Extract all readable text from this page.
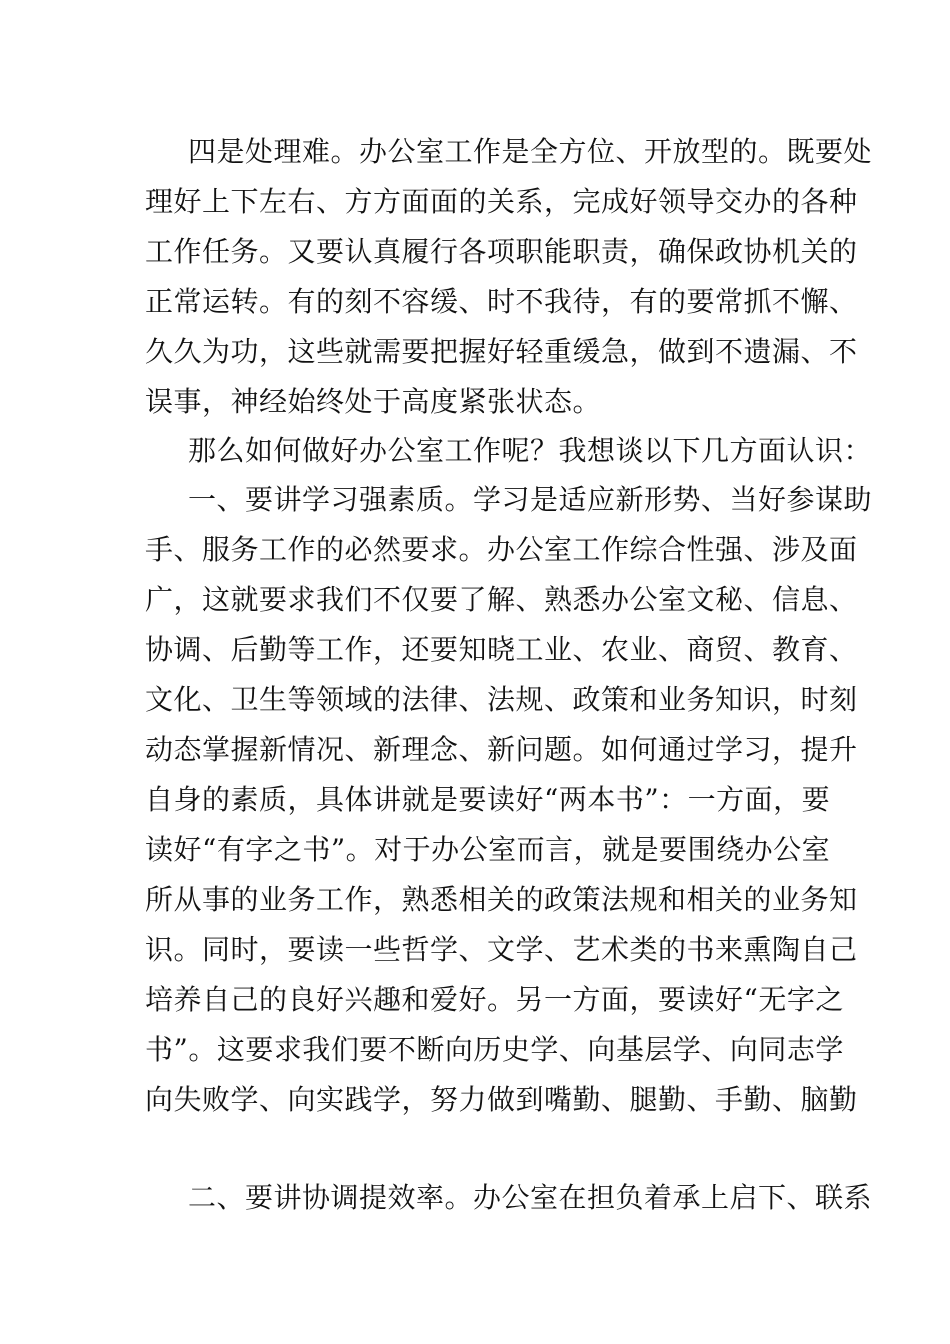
四是处理难。办公室工作是全方位、开放型的。既要处
理好上下左右、方方面面的关系，完成好领导交办的各种
工作任务。又要认真履行各项职能职责，确保政协机关的
正常运转。有的刻不容缓、时不我待，有的要常抓不懈、
久久为功，这些就需要把握好轻重缓急，做到不遗漏、不
误事，神经始终处于高度紧张状态。
那么如何做好办公室工作呢？我想谈以下几方面认识：
一、要讲学习强素质。学习是适应新形势、当好参谋助
手、服务工作的必然要求。办公室工作综合性强、涉及面
广，这就要求我们不仅要了解、熟悉办公室文秘、信息、
协调、后勤等工作，还要知晓工业、农业、商贸、教育、
文化、卫生等领域的法律、法规、政策和业务知识，时刻
动态掌握新情况、新理念、新问题。如何通过学习，提升
自身的素质，具体讲就是要读好“两本书”：一方面，要
读好“有字之书”。对于办公室而言，就是要围绕办公室
所从事的业务工作，熟悉相关的政策法规和相关的业务知
识。同时，要读一些哲学、文学、艺术类的书来熏陶自己
培养自己的良好兴趣和爱好。另一方面，要读好“无字之
书”。这要求我们要不断向历史学、向基层学、向同志学
向失败学、向实践学，努力做到嘴勤、腿勤、手勤、脑勤
二、要讲协调提效率。办公室在担负着承上启下、联系
